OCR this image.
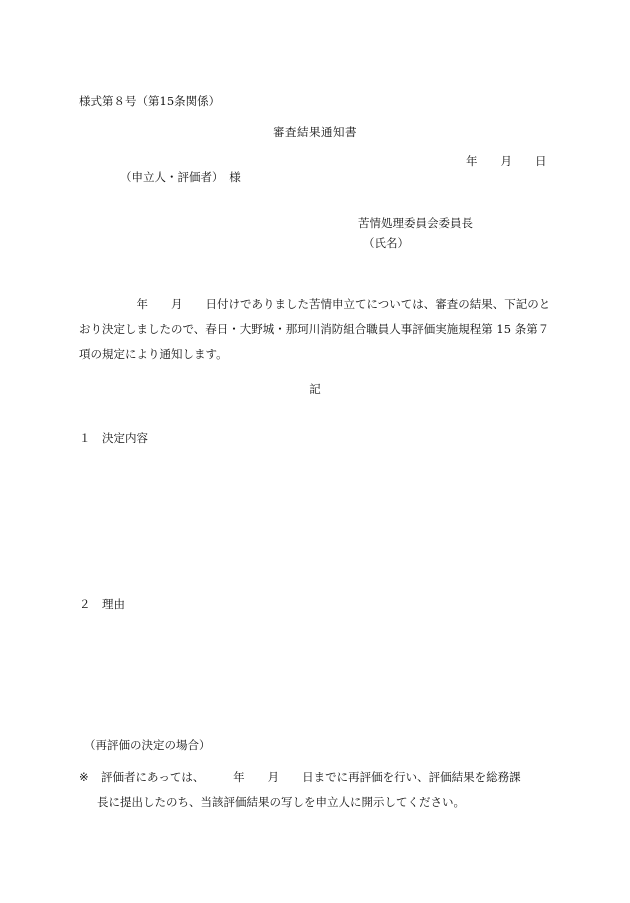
様式第８号（第15条関係）
審査結果通知書
年　　月　　日
（申立人・評価者）　様
苦情処理委員会委員長
（氏名）

　　　　　年　　月　　日付けでありました苦情申立てについては、審査の結果、下記のと

おり決定しましたので、春日・大野城・那珂川消防組合職員人事評価実施規程第 15 条第７

項の規定により通知します。

記
１　決定内容
２　理由
（再評価の決定の場合）

※ 評価者にあっては、　　　年　　月　　日までに再評価を行い、評価結果を総務課

長に提出したのち、当該評価結果の写しを申立人に開示してください。
